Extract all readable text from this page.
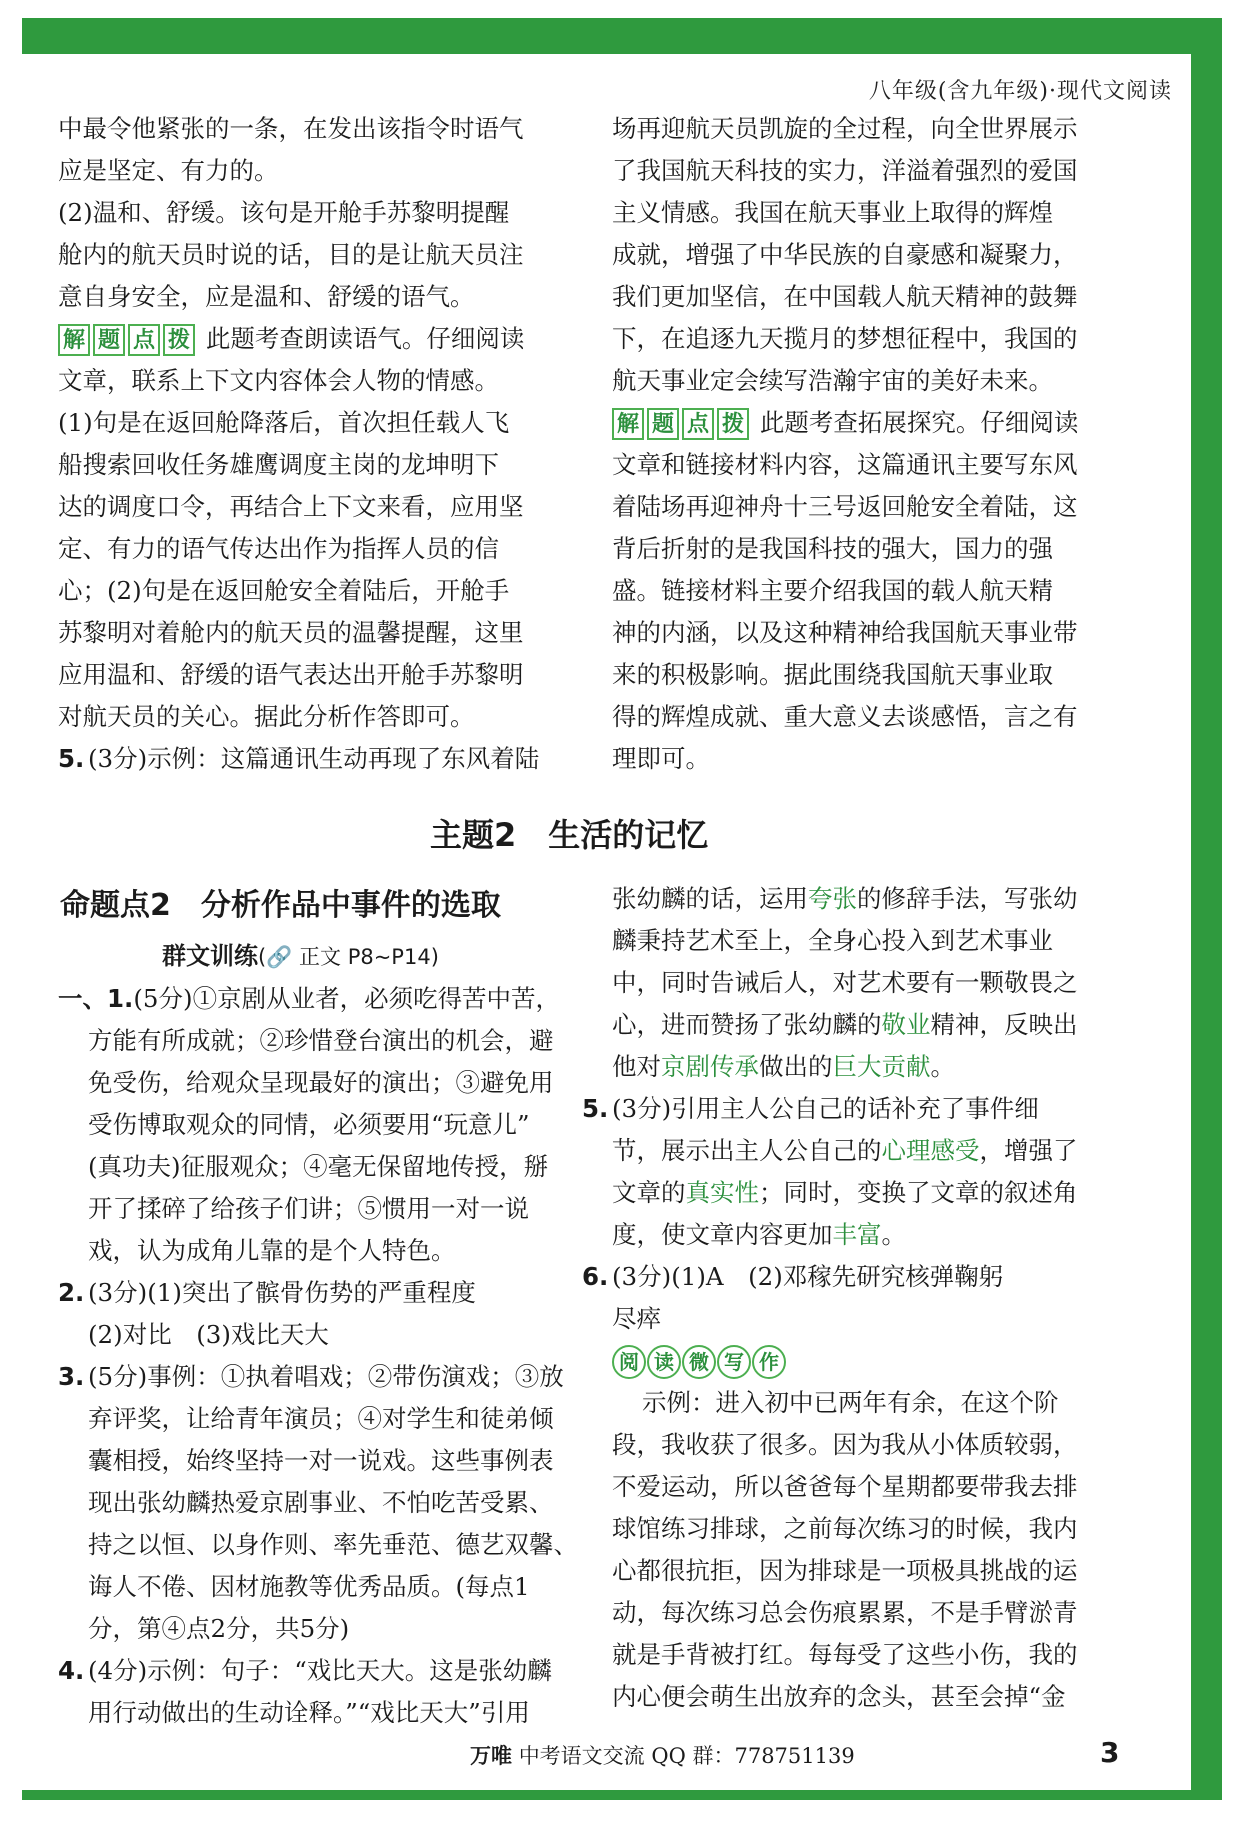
八年级(含九年级)·现代文阅读
中最令他紧张的一条，在发出该指令时语气
应是坚定、有力的。
(2)温和、舒缓。该句是开舱手苏黎明提醒
舱内的航天员时说的话，目的是让航天员注
意自身安全，应是温和、舒缓的语气。
解 题 点 拨 此题考查朗读语气。仔细阅读
文章，联系上下文内容体会人物的情感。
(1)句是在返回舱降落后，首次担任载人飞
船搜索回收任务雄鹰调度主岗的龙坤明下
达的调度口令，再结合上下文来看，应用坚
定、有力的语气传达出作为指挥人员的信
心；(2)句是在返回舱安全着陆后，开舱手
苏黎明对着舱内的航天员的温馨提醒，这里
应用温和、舒缓的语气表达出开舱手苏黎明
对航天员的关心。据此分析作答即可。
5. (3分)示例：这篇通讯生动再现了东风着陆
场再迎航天员凯旋的全过程，向全世界展示
了我国航天科技的实力，洋溢着强烈的爱国
主义情感。我国在航天事业上取得的辉煌
成就，增强了中华民族的自豪感和凝聚力，
我们更加坚信，在中国载人航天精神的鼓舞
下，在追逐九天揽月的梦想征程中，我国的
航天事业定会续写浩瀚宇宙的美好未来。
解 题 点 拨 此题考查拓展探究。仔细阅读
文章和链接材料内容，这篇通讯主要写东风
着陆场再迎神舟十三号返回舱安全着陆，这
背后折射的是我国科技的强大，国力的强
盛。链接材料主要介绍我国的载人航天精
神的内涵，以及这种精神给我国航天事业带
来的积极影响。据此围绕我国航天事业取
得的辉煌成就、重大意义去谈感悟，言之有
理即可。
主题2　生活的记忆
命题点2　分析作品中事件的选取
群文训练(🔗 正文 P8~P14)
一、1.(5分)①京剧从业者，必须吃得苦中苦，
方能有所成就；②珍惜登台演出的机会，避
免受伤，给观众呈现最好的演出；③避免用
受伤博取观众的同情，必须要用“玩意儿”
(真功夫)征服观众；④毫无保留地传授，掰
开了揉碎了给孩子们讲；⑤惯用一对一说
戏，认为成角儿靠的是个人特色。
2. (3分)(1)突出了髌骨伤势的严重程度
(2)对比　(3)戏比天大
3. (5分)事例：①执着唱戏；②带伤演戏；③放
弃评奖，让给青年演员；④对学生和徒弟倾
囊相授，始终坚持一对一说戏。这些事例表
现出张幼麟热爱京剧事业、不怕吃苦受累、
持之以恒、以身作则、率先垂范、德艺双馨、
诲人不倦、因材施教等优秀品质。(每点1
分，第④点2分，共5分)
4. (4分)示例：句子：“戏比天大。这是张幼麟
用行动做出的生动诠释。”“戏比天大”引用
张幼麟的话，运用夸张的修辞手法，写张幼
麟秉持艺术至上，全身心投入到艺术事业
中，同时告诫后人，对艺术要有一颗敬畏之
心，进而赞扬了张幼麟的敬业精神，反映出
他对京剧传承做出的巨大贡献。
5. (3分)引用主人公自己的话补充了事件细
节，展示出主人公自己的心理感受，增强了
文章的真实性；同时，变换了文章的叙述角
度，使文章内容更加丰富。
6. (3分)(1)A　(2)邓稼先研究核弹鞠躬
尽瘁
阅 读 微 写 作
示例：进入初中已两年有余，在这个阶
段，我收获了很多。因为我从小体质较弱，
不爱运动，所以爸爸每个星期都要带我去排
球馆练习排球，之前每次练习的时候，我内
心都很抗拒，因为排球是一项极具挑战的运
动，每次练习总会伤痕累累，不是手臂淤青
就是手背被打红。每每受了这些小伤，我的
内心便会萌生出放弃的念头，甚至会掉“金
万唯 中考语文交流 QQ 群：778751139	3
